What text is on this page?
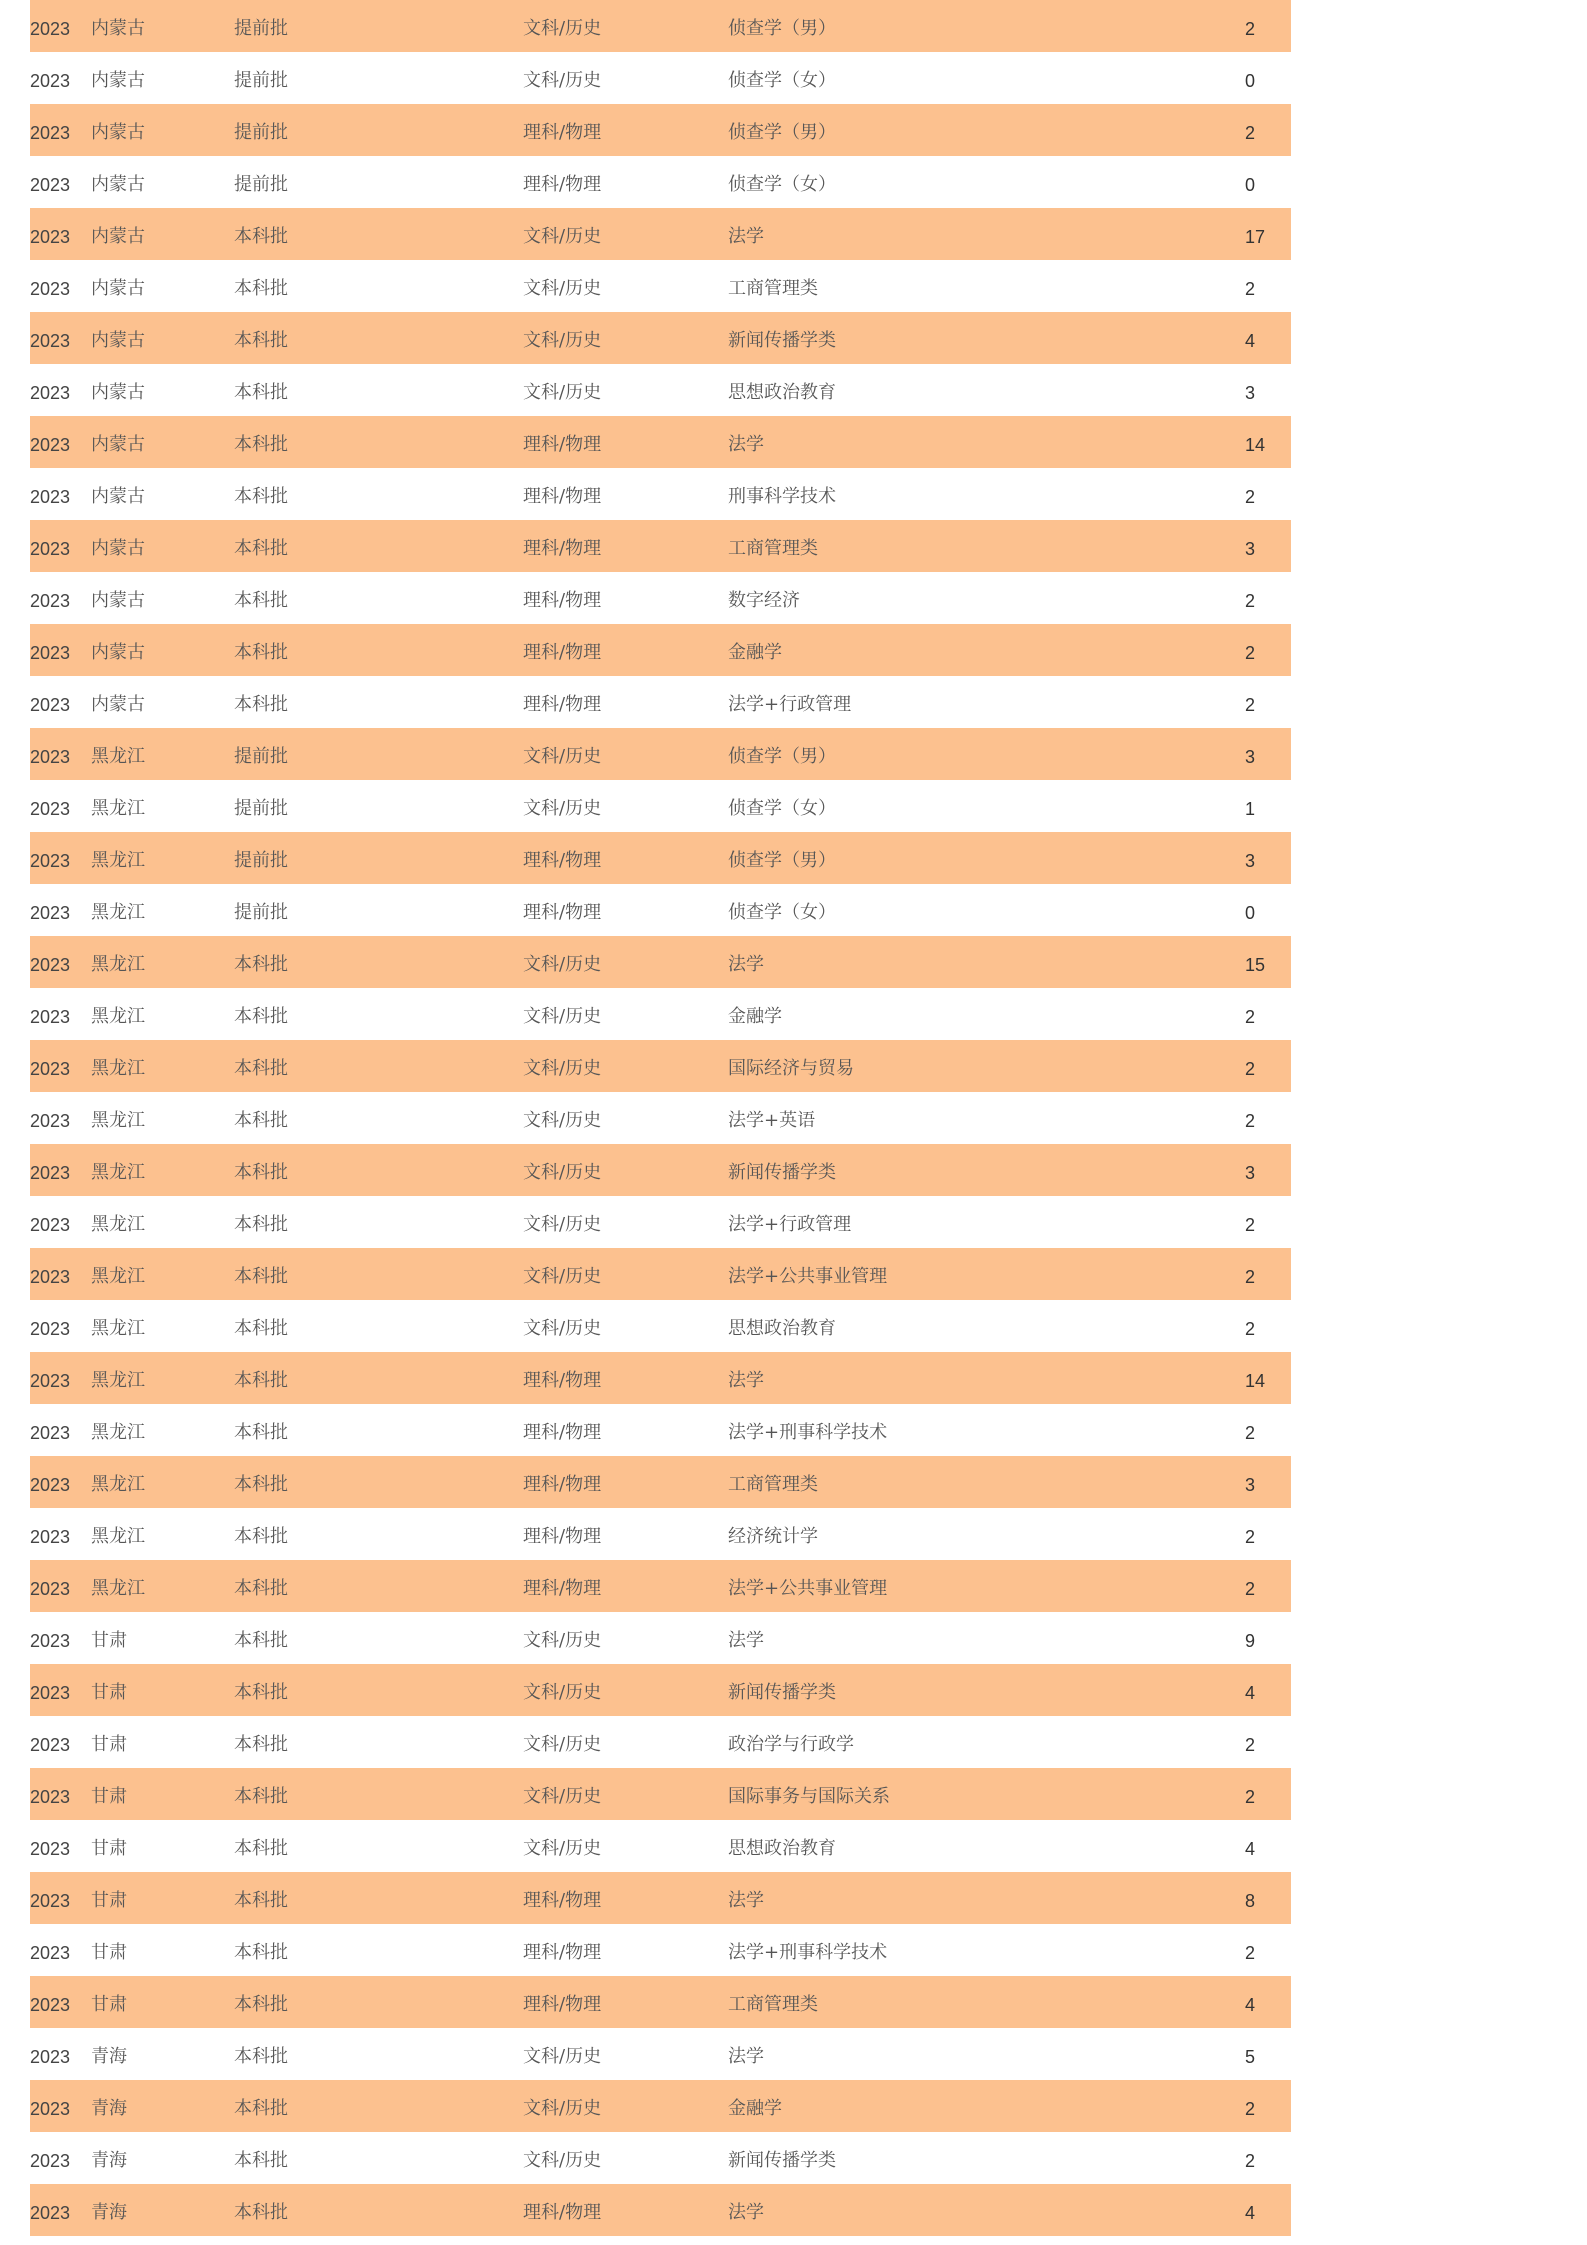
2023 内蒙古	提前批	文科/历史	侦查学（男）	2
2023 内蒙古	提前批	文科/历史	侦查学（女）	0
2023 内蒙古	提前批	理科/物理	侦查学（男）	2
2023 内蒙古	提前批	理科/物理	侦查学（女）	0
2023 内蒙古	本科批	文科/历史	法学	17
2023 内蒙古	本科批	文科/历史	工商管理类	2
2023 内蒙古	本科批	文科/历史	新闻传播学类	4
2023 内蒙古	本科批	文科/历史	思想政治教育	3
2023 内蒙古	本科批	理科/物理	法学	14
2023 内蒙古	本科批	理科/物理	刑事科学技术	2
2023 内蒙古	本科批	理科/物理	工商管理类	3
2023 内蒙古	本科批	理科/物理	数字经济	2
2023 内蒙古	本科批	理科/物理	金融学	2
2023 内蒙古	本科批	理科/物理	法学+行政管理	2
2023 黑龙江	提前批	文科/历史	侦查学（男）	3
2023 黑龙江	提前批	文科/历史	侦查学（女）	1
2023 黑龙江	提前批	理科/物理	侦查学（男）	3
2023 黑龙江	提前批	理科/物理	侦查学（女）	0
2023 黑龙江	本科批	文科/历史	法学	15
2023 黑龙江	本科批	文科/历史	金融学	2
2023 黑龙江	本科批	文科/历史	国际经济与贸易	2
2023 黑龙江	本科批	文科/历史	法学+英语	2
2023 黑龙江	本科批	文科/历史	新闻传播学类	3
2023 黑龙江	本科批	文科/历史	法学+行政管理	2
2023 黑龙江	本科批	文科/历史	法学+公共事业管理	2
2023 黑龙江	本科批	文科/历史	思想政治教育	2
2023 黑龙江	本科批	理科/物理	法学	14
2023 黑龙江	本科批	理科/物理	法学+刑事科学技术	2
2023 黑龙江	本科批	理科/物理	工商管理类	3
2023 黑龙江	本科批	理科/物理	经济统计学	2
2023 黑龙江	本科批	理科/物理	法学+公共事业管理	2
2023 甘肃	本科批	文科/历史	法学	9
2023 甘肃	本科批	文科/历史	新闻传播学类	4
2023 甘肃	本科批	文科/历史	政治学与行政学	2
2023 甘肃	本科批	文科/历史	国际事务与国际关系	2
2023 甘肃	本科批	文科/历史	思想政治教育	4
2023 甘肃	本科批	理科/物理	法学	8
2023 甘肃	本科批	理科/物理	法学+刑事科学技术	2
2023 甘肃	本科批	理科/物理	工商管理类	4
2023 青海	本科批	文科/历史	法学	5
2023 青海	本科批	文科/历史	金融学	2
2023 青海	本科批	文科/历史	新闻传播学类	2
2023 青海	本科批	理科/物理	法学	4
